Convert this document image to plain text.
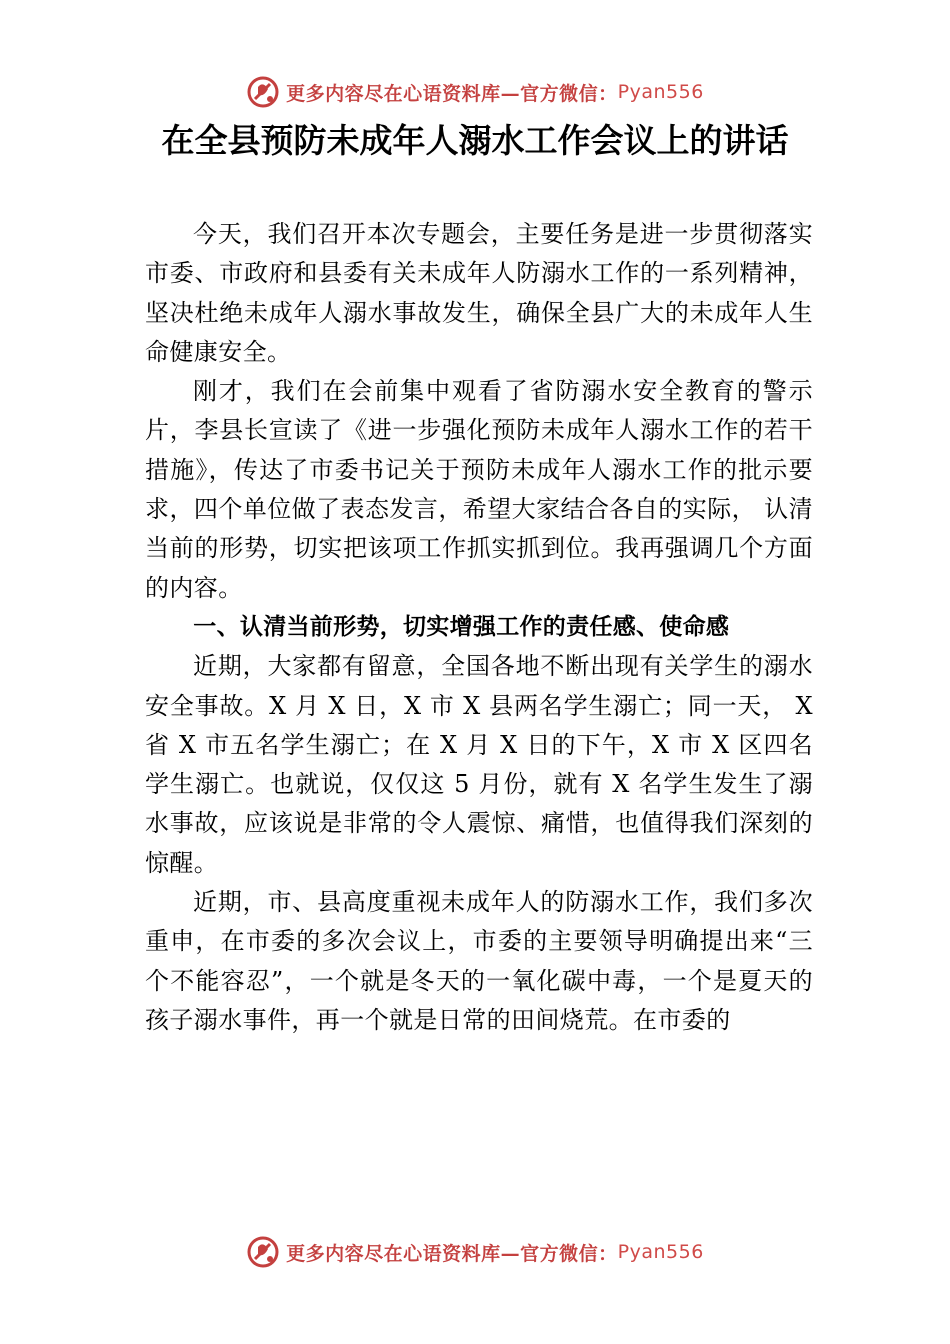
更多内容尽在心语资料库—官方微信： Pyan556
在全县预防未成年人溺水工作会议上的讲话

今天，我们召开本次专题会，主要任务是进一步贯彻落实市委、市政府和县委有关未成年人防溺水工作的一系列精神，坚决杜绝未成年人溺水事故发生，确保全县广大的未成年人生命健康安全。

刚才，我们在会前集中观看了省防溺水安全教育的警示片，李县长宣读了《进一步强化预防未成年人溺水工作的若干措施》，传达了市委书记关于预防未成年人溺水工作的批示要求，四个单位做了表态发言，希望大家结合各自的实际， 认清当前的形势，切实把该项工作抓实抓到位。我再强调几个方面的内容。

一、认清当前形势，切实增强工作的责任感、使命感

近期，大家都有留意，全国各地不断出现有关学生的溺水安全事故。X 月 X 日，X 市 X 县两名学生溺亡；同一天， X 省 X 市五名学生溺亡；在 X 月 X 日的下午，X 市 X 区四名学生溺亡。也就说，仅仅这 5 月份，就有 X 名学生发生了溺水事故，应该说是非常的令人震惊、痛惜，也值得我们深刻的惊醒。

近期，市、县高度重视未成年人的防溺水工作，我们多次重申，在市委的多次会议上，市委的主要领导明确提出来“三个不能容忍”，一个就是冬天的一氧化碳中毒，一个是夏天的孩子溺水事件，再一个就是日常的田间烧荒。在市委的

更多内容尽在心语资料库—官方微信： Pyan556
